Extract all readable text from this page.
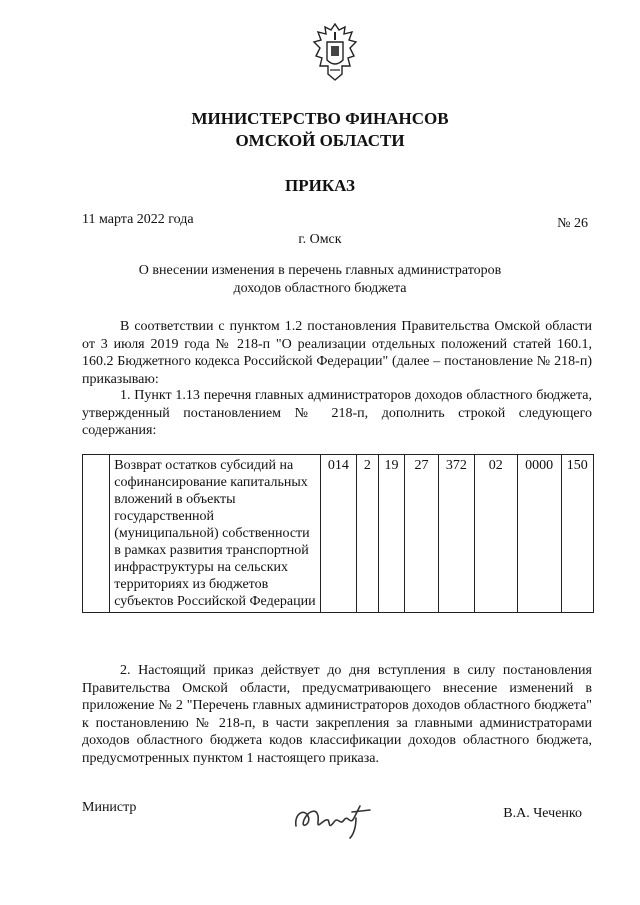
МИНИСТЕРСТВО ФИНАНСОВ
ОМСКОЙ ОБЛАСТИ
ПРИКАЗ
11 марта 2022 года	№ 26
г. Омск
О внесении изменения в перечень главных администраторов
доходов областного бюджета
В соответствии с пунктом 1.2 постановления Правительства Омской области от 3 июля 2019 года № 218-п "О реализации отдельных положений статей 160.1, 160.2 Бюджетного кодекса Российской Федерации" (далее – постановление № 218-п) приказываю:
1. Пункт 1.13 перечня главных администраторов доходов областного бюджета, утвержденный постановлением № 218-п, дополнить строкой следующего содержания:
	Возврат остатков субсидий на софинансирование капитальных вложений в объекты государственной (муниципальной) собственности в рамках развития транспортной инфраструктуры на сельских территориях из бюджетов субъектов Российской Федерации	014	2	19	27	372	02	0000	150
2. Настоящий приказ действует до дня вступления в силу постановления Правительства Омской области, предусматривающего внесение изменений в приложение № 2 "Перечень главных администраторов доходов областного бюджета" к постановлению № 218-п, в части закрепления за главными администраторами доходов областного бюджета кодов классификации доходов областного бюджета, предусмотренных пунктом 1 настоящего приказа.
Министр	В.А. Чеченко
